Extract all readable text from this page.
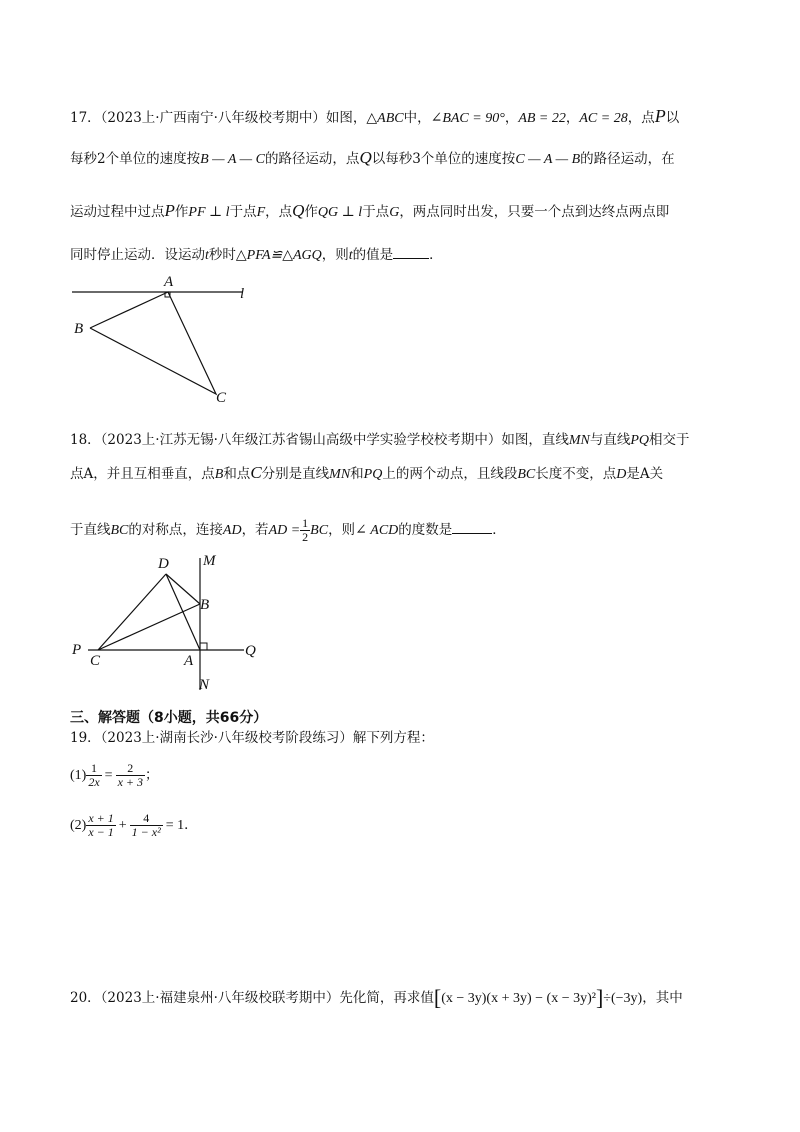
17．（2023上·广西南宁·八年级校考期中）如图，△ABC中，∠BAC = 90°，AB = 22，AC = 28，点P以
每秒2个单位的速度按B — A — C的路径运动，点Q以每秒3个单位的速度按C — A — B的路径运动，在
运动过程中过点P作PF ⊥ l于点F，点Q作QG ⊥ l于点G，两点同时出发，只要一个点到达终点两点即
同时停止运动．设运动t秒时△PFA≌△AGQ，则t的值是	．
A
B
C
l
18．（2023上·江苏无锡·八年级江苏省锡山高级中学实验学校校考期中）如图，直线MN与直线PQ相交于
点A，并且互相垂直，点B和点C分别是直线MN和PQ上的两个动点，且线段BC长度不变，点D是A关
于直线BC的对称点，连接AD，若AD = $\frac{1}{2}$ BC，则∠ ACD的度数是	．
D M
B
P
C	A
Q
N
三、解答题（8小题，共66分）
19．（2023上·湖南长沙·八年级校考阶段练习）解下列方程：
$(1) \frac{1}{2x} = \frac{2}{x + 3}$ ；
$(2) \frac{x + 1}{x - 1} + \frac{4}{\text{1 − x²}} = 1$．
20．（2023上·福建泉州·八年级校联考期中）先化简，再求值[(x − 3y)(x + 3y) − (x − 3y)²]÷(−3y)，其中
